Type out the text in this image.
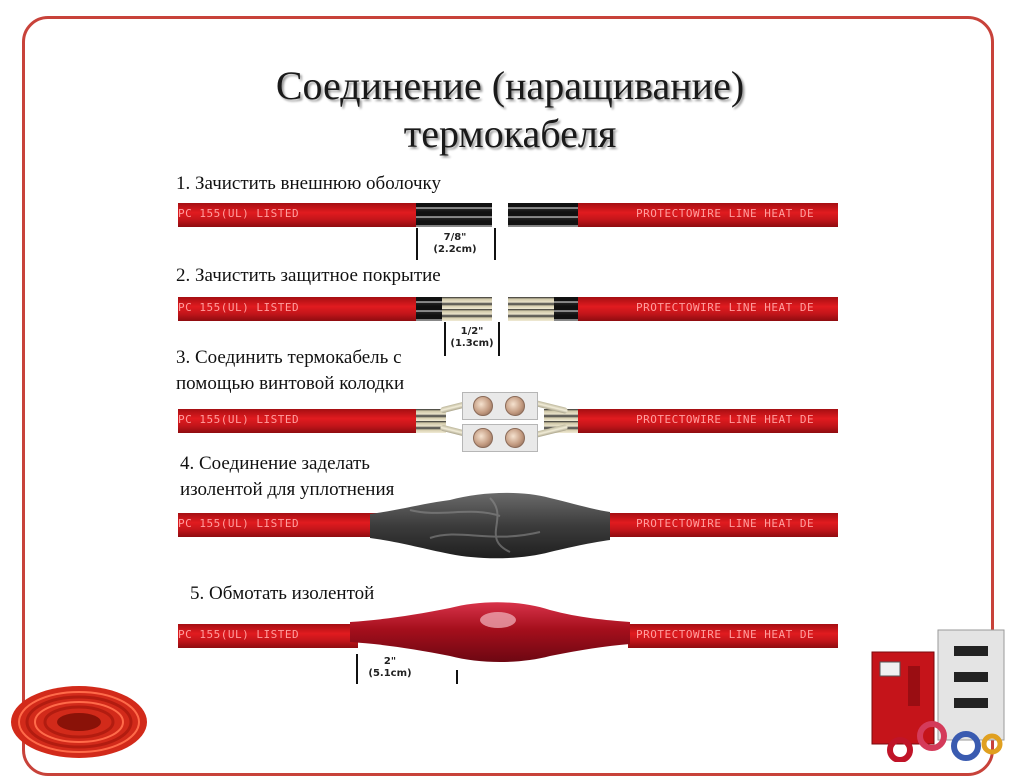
Соединение (наращивание)
термокабеля
1. Зачистить внешнюю оболочку
PC 155(UL) LISTED	PROTECTOWIRE LINE HEAT DE
7/8"
(2.2cm)
2. Зачистить защитное покрытие
PC 155(UL) LISTED	PROTECTOWIRE LINE HEAT DE
1/2"
(1.3cm)
3. Соединить термокабель с
помощью винтовой колодки
PC 155(UL) LISTED	PROTECTOWIRE LINE HEAT DE
4. Соединение заделать
изолентой для уплотнения
PC 155(UL) LISTED	PROTECTOWIRE LINE HEAT DE
5. Обмотать изолентой
PC 155(UL) LISTED	PROTECTOWIRE LINE HEAT DE
2"
(5.1cm)
